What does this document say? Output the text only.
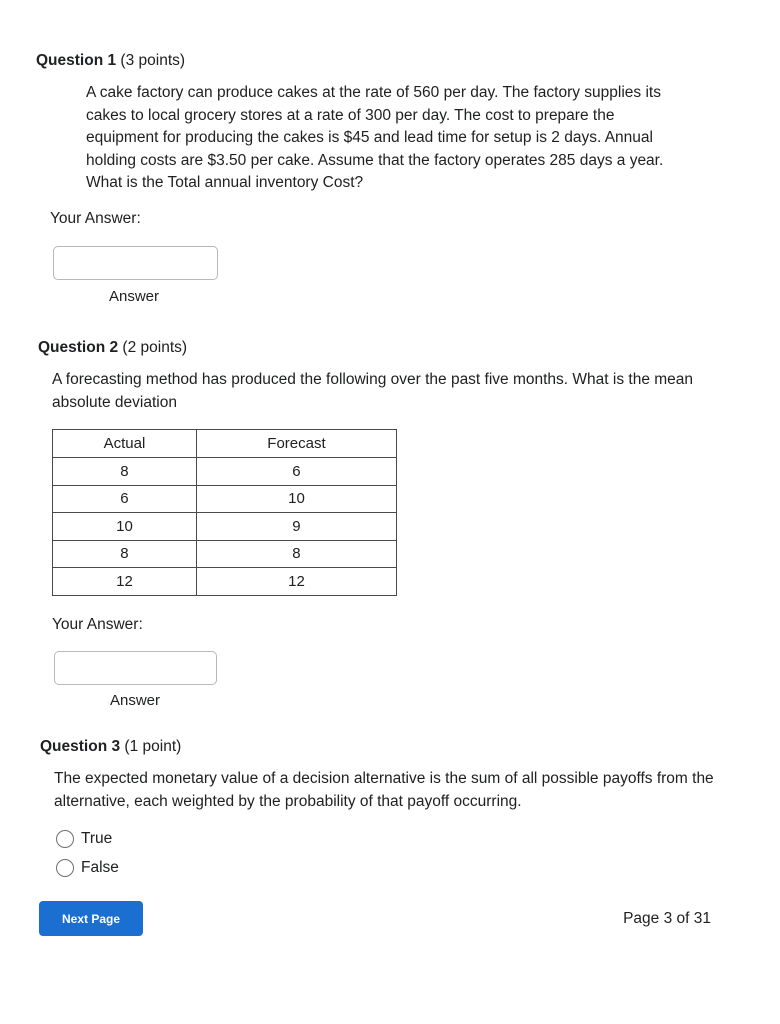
Question 1 (3 points)
A cake factory can produce cakes at the rate of 560 per day. The factory supplies its cakes to local grocery stores at a rate of 300 per day. The cost to prepare the equipment for producing the cakes is $45 and lead time for setup is 2 days. Annual holding costs are $3.50 per cake. Assume that the factory operates 285 days a year. What is the Total annual inventory Cost?
Your Answer:
Answer
Question 2 (2 points)
A forecasting method has produced the following over the past five months. What is the mean absolute deviation
Actual	Forecast
8	6
6	10
10	9
8	8
12	12
Your Answer:
Answer
Question 3 (1 point)
The expected monetary value of a decision alternative is the sum of all possible payoffs from the alternative, each weighted by the probability of that payoff occurring.
True
False
Next Page	Page 3 of 31
